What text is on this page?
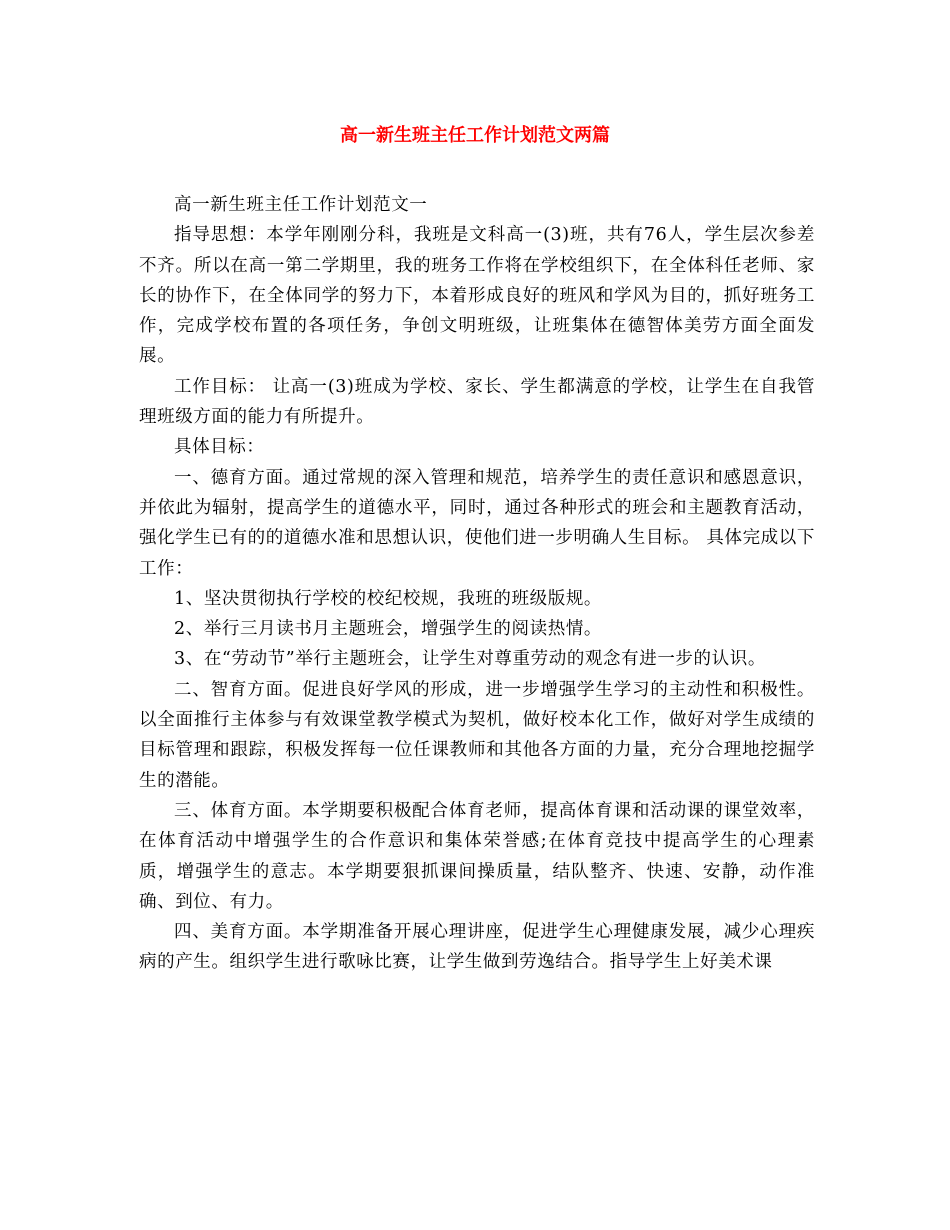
高一新生班主任工作计划范文两篇

高一新生班主任工作计划范文一

指导思想：本学年刚刚分科，我班是文科高一(3)班，共有76人，学生层次参差不齐。所以在高一第二学期里，我的班务工作将在学校组织下，在全体科任老师、家长的协作下，在全体同学的努力下，本着形成良好的班风和学风为目的，抓好班务工作，完成学校布置的各项任务，争创文明班级，让班集体在德智体美劳方面全面发展。

工作目标： 让高一(3)班成为学校、家长、学生都满意的学校，让学生在自我管理班级方面的能力有所提升。

具体目标：

一、德育方面。通过常规的深入管理和规范，培养学生的责任意识和感恩意识，并依此为辐射，提高学生的道德水平，同时，通过各种形式的班会和主题教育活动，强化学生已有的的道德水准和思想认识，使他们进一步明确人生目标。 具体完成以下工作：

1、坚决贯彻执行学校的校纪校规，我班的班级版规。

2、举行三月读书月主题班会，增强学生的阅读热情。

3、在“劳动节”举行主题班会，让学生对尊重劳动的观念有进一步的认识。

二、智育方面。促进良好学风的形成，进一步增强学生学习的主动性和积极性。以全面推行主体参与有效课堂教学模式为契机，做好校本化工作，做好对学生成绩的目标管理和跟踪，积极发挥每一位任课教师和其他各方面的力量，充分合理地挖掘学生的潜能。

三、体育方面。本学期要积极配合体育老师，提高体育课和活动课的课堂效率，在体育活动中增强学生的合作意识和集体荣誉感;在体育竞技中提高学生的心理素质，增强学生的意志。本学期要狠抓课间操质量，结队整齐、快速、安静，动作准确、到位、有力。

四、美育方面。本学期准备开展心理讲座，促进学生心理健康发展，减少心理疾病的产生。组织学生进行歌咏比赛，让学生做到劳逸结合。指导学生上好美术课
